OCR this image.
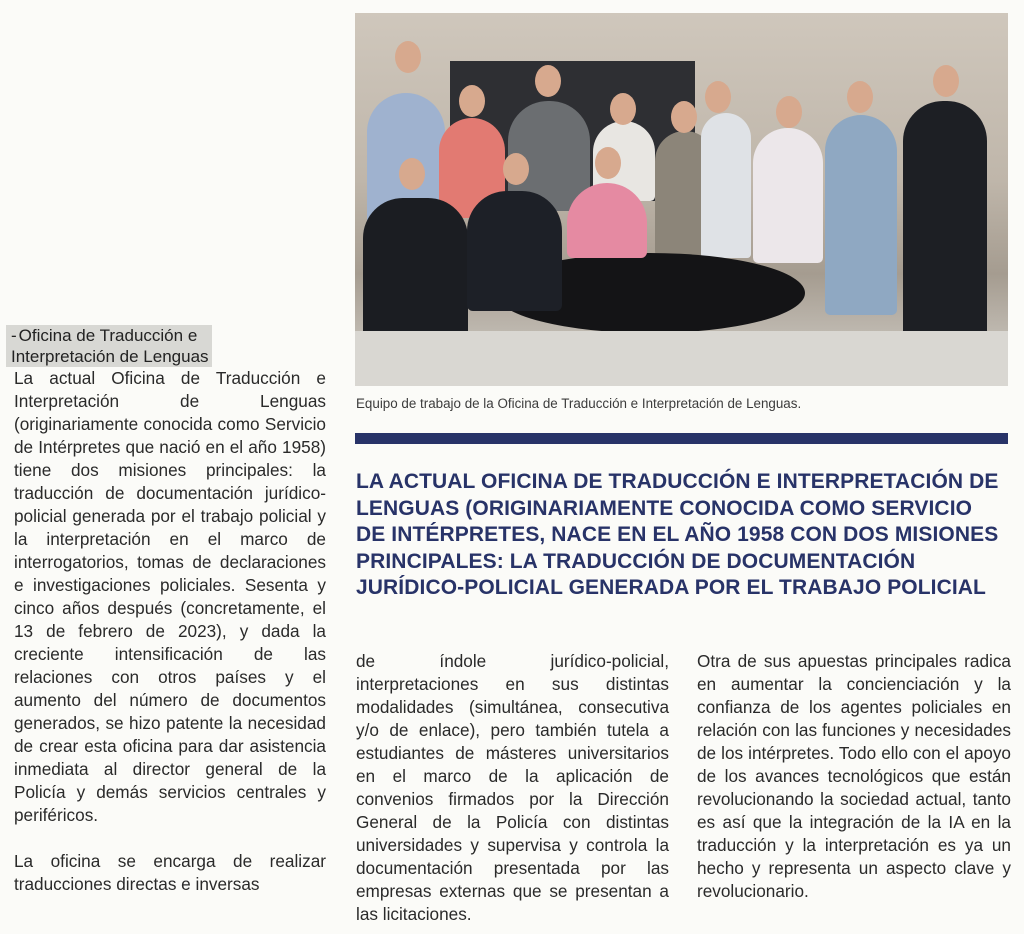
Equipo de trabajo de la Oficina de Traducción e Interpretación de Lenguas.
LA ACTUAL OFICINA DE TRADUCCIÓN E INTERPRETACIÓN DE LENGUAS (ORIGINARIAMENTE CONOCIDA COMO SERVICIO DE INTÉRPRETES, NACE EN EL AÑO 1958 CON DOS MISIONES PRINCIPALES: LA TRADUCCIÓN DE DOCUMENTACIÓN JURÍDICO-POLICIAL GENERADA POR EL TRABAJO POLICIAL
- Oficina de Traducción e
Interpretación de Lenguas

La actual Oficina de Traducción e Interpretación de Lenguas (originariamente conocida como Servicio de Intérpretes que nació en el año 1958) tiene dos misiones principales: la traducción de documentación jurídico-policial generada por el trabajo policial y la interpretación en el marco de interrogatorios, tomas de declaraciones e investigaciones policiales. Sesenta y cinco años después (concretamente, el 13 de febrero de 2023), y dada la creciente intensificación de las relaciones con otros países y el aumento del número de documentos generados, se hizo patente la necesidad de crear esta oficina para dar asistencia inmediata al director general de la Policía y demás servicios centrales y periféricos.

La oficina se encarga de realizar traducciones directas e inversas

de índole jurídico-policial, interpretaciones en sus distintas modalidades (simultánea, consecutiva y/o de enlace), pero también tutela a estudiantes de másteres universitarios en el marco de la aplicación de convenios firmados por la Dirección General de la Policía con distintas universidades y supervisa y controla la documentación presentada por las empresas externas que se presentan a las licitaciones.

Otra de sus apuestas principales radica en aumentar la concienciación y la confianza de los agentes policiales en relación con las funciones y necesidades de los intérpretes. Todo ello con el apoyo de los avances tecnológicos que están revolucionando la sociedad actual, tanto es así que la integración de la IA en la traducción y la interpretación es ya un hecho y representa un aspecto clave y revolucionario.
